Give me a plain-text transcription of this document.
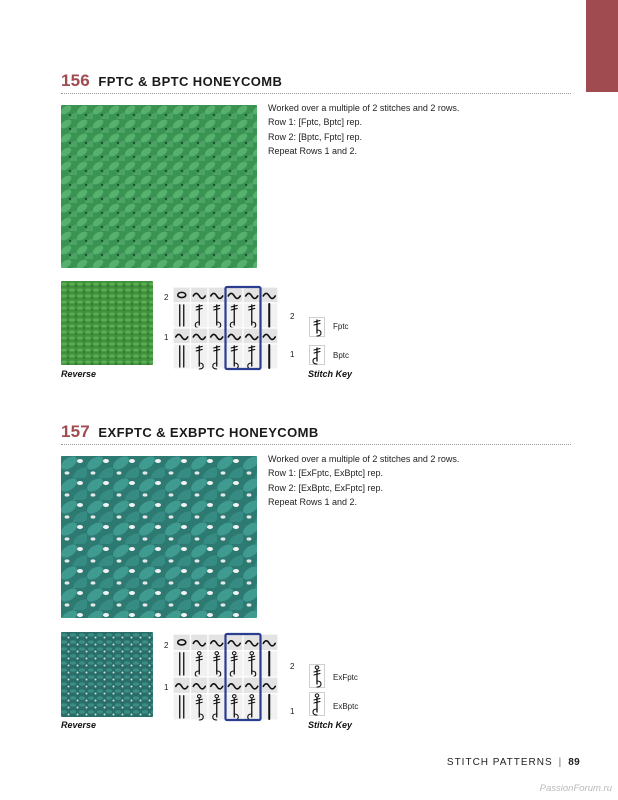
156 FPTC & BPTC HONEYCOMB
Worked over a multiple of 2 stitches and 2 rows.
Row 1: [Fptc, Bptc] rep.
Row 2: [Bptc, Fptc] rep.
Repeat Rows 1 and 2.
Reverse
2
1
2
1
Fptc
Bptc
Stitch Key
157 EXFPTC & EXBPTC HONEYCOMB
Worked over a multiple of 2 stitches and 2 rows.
Row 1: [ExFptc, ExBptc] rep.
Row 2: [ExBptc, ExFptc] rep.
Repeat Rows 1 and 2.
Reverse
2
1
2
1
ExFptc
ExBptc
Stitch Key
STITCH PATTERNS | 89
PassionForum.ru
